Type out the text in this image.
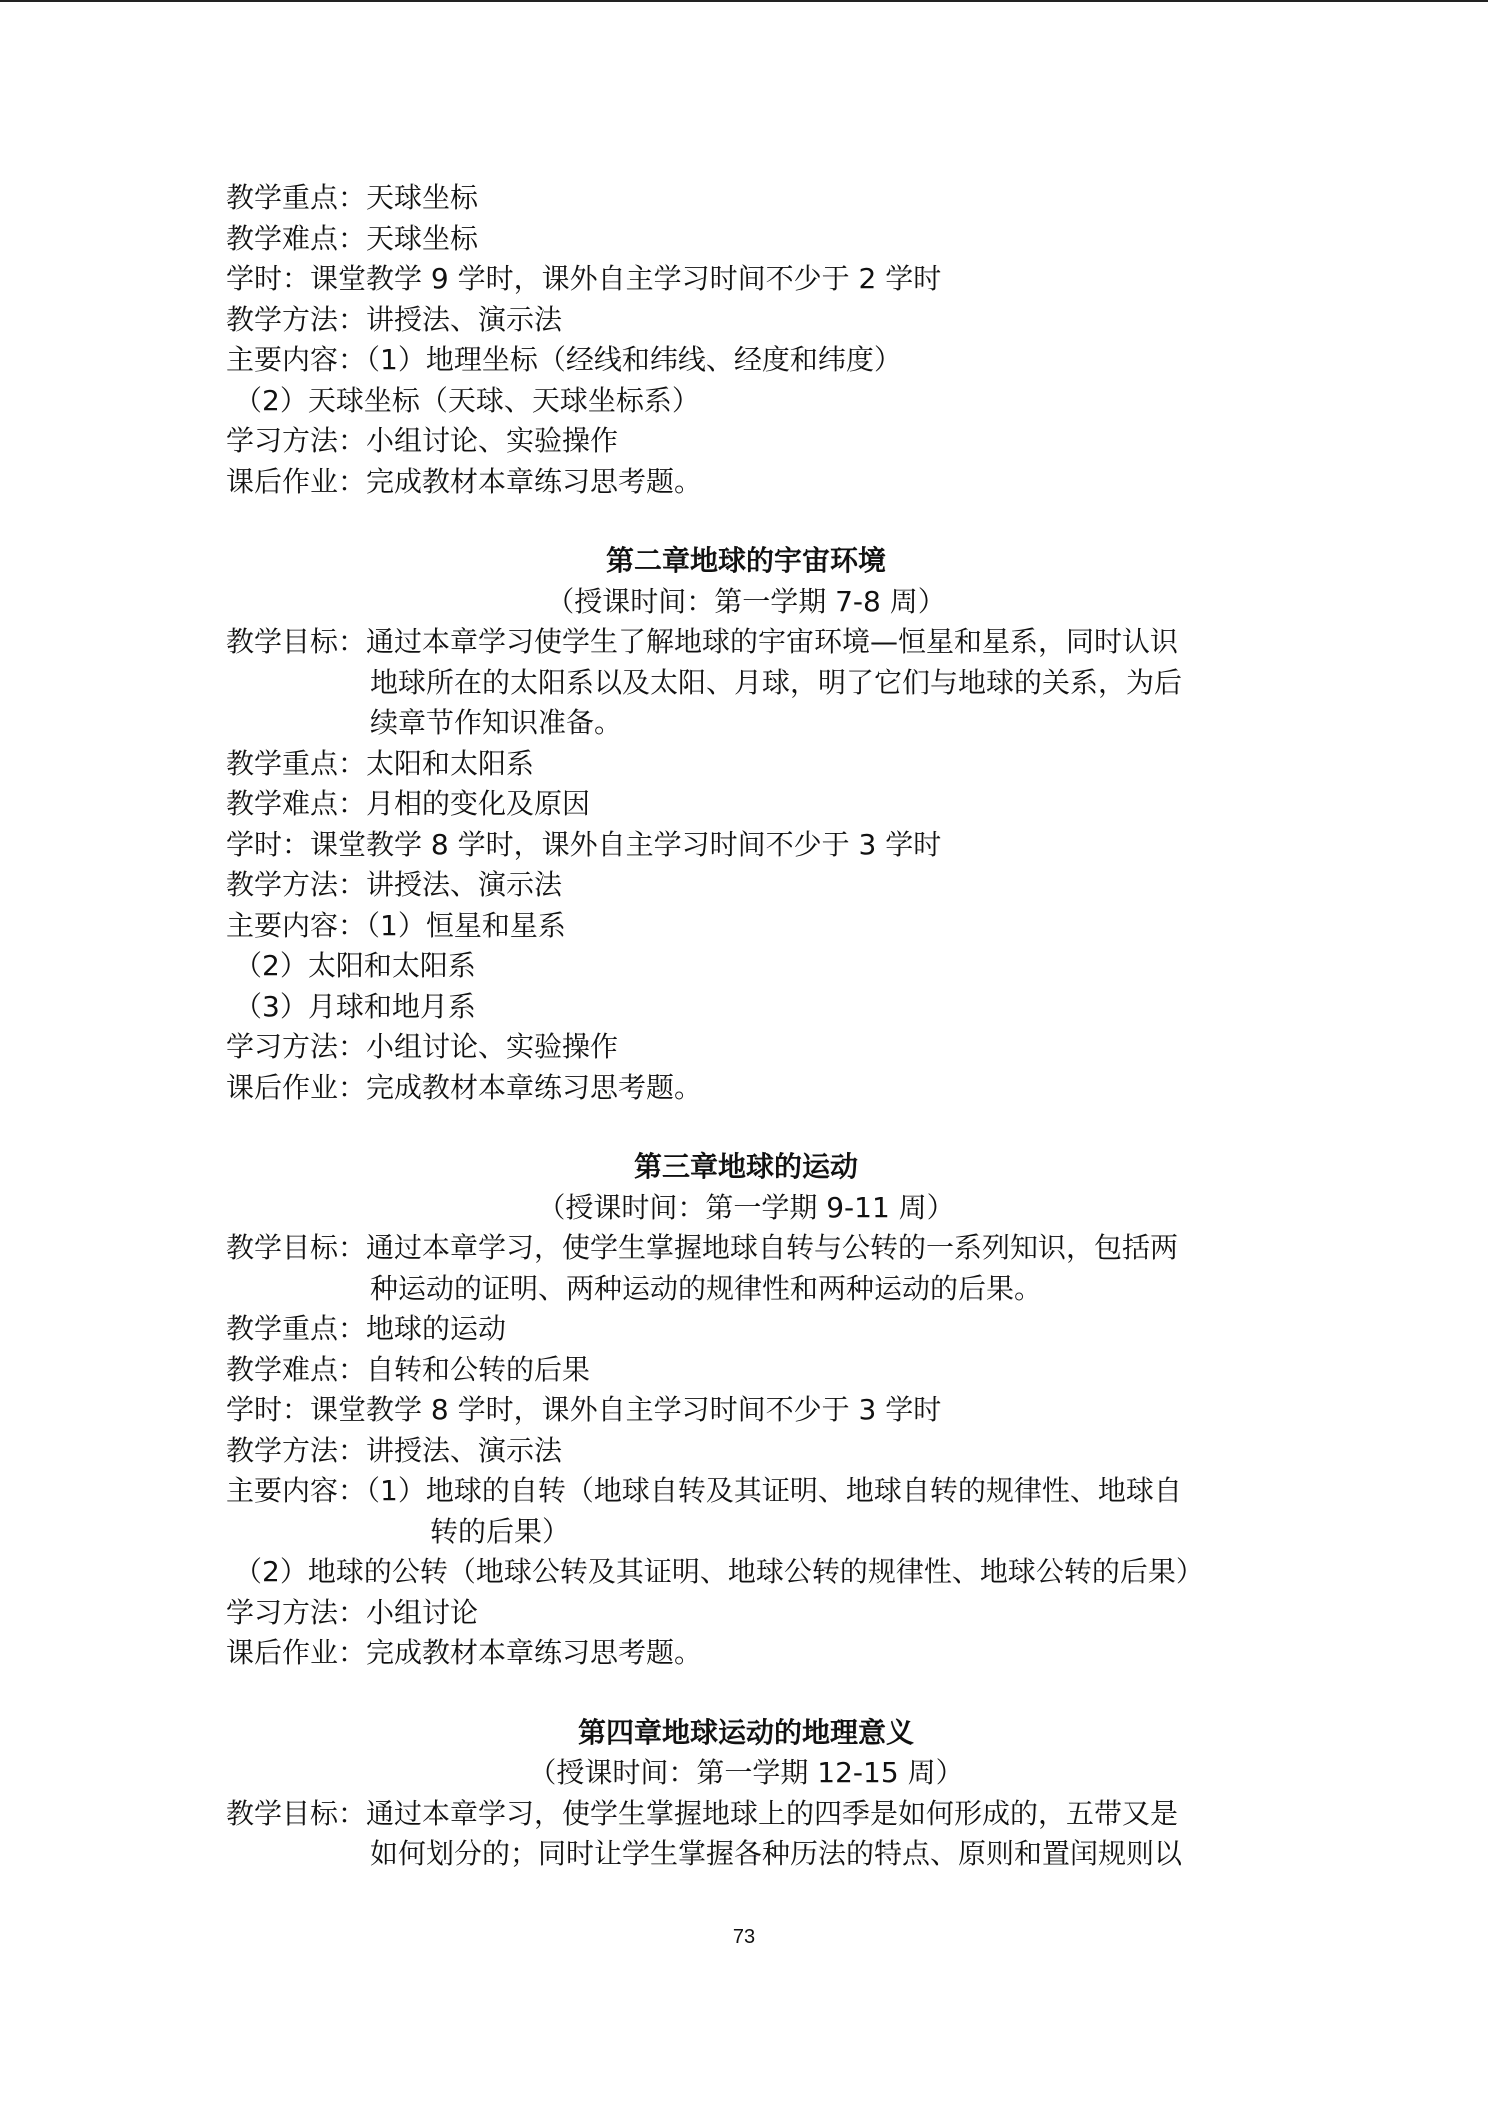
教学重点：天球坐标
教学难点：天球坐标
学时：课堂教学 9 学时，课外自主学习时间不少于 2 学时
教学方法：讲授法、演示法
主要内容：（1）地理坐标（经线和纬线、经度和纬度）
（2）天球坐标（天球、天球坐标系）
学习方法：小组讨论、实验操作
课后作业：完成教材本章练习思考题。
第二章地球的宇宙环境
（授课时间：第一学期 7-8 周）
教学目标：通过本章学习使学生了解地球的宇宙环境—恒星和星系，同时认识
地球所在的太阳系以及太阳、月球，明了它们与地球的关系，为后
续章节作知识准备。
教学重点：太阳和太阳系
教学难点：月相的变化及原因
学时：课堂教学 8 学时，课外自主学习时间不少于 3 学时
教学方法：讲授法、演示法
主要内容：（1）恒星和星系
（2）太阳和太阳系
（3）月球和地月系
学习方法：小组讨论、实验操作
课后作业：完成教材本章练习思考题。
第三章地球的运动
（授课时间：第一学期 9-11 周）
教学目标：通过本章学习，使学生掌握地球自转与公转的一系列知识，包括两
种运动的证明、两种运动的规律性和两种运动的后果。
教学重点：地球的运动
教学难点：自转和公转的后果
学时：课堂教学 8 学时，课外自主学习时间不少于 3 学时
教学方法：讲授法、演示法
主要内容：（1）地球的自转（地球自转及其证明、地球自转的规律性、地球自
转的后果）
（2）地球的公转（地球公转及其证明、地球公转的规律性、地球公转的后果）
学习方法：小组讨论
课后作业：完成教材本章练习思考题。
第四章地球运动的地理意义
（授课时间：第一学期 12-15 周）
教学目标：通过本章学习，使学生掌握地球上的四季是如何形成的，五带又是
如何划分的；同时让学生掌握各种历法的特点、原则和置闰规则以
73
